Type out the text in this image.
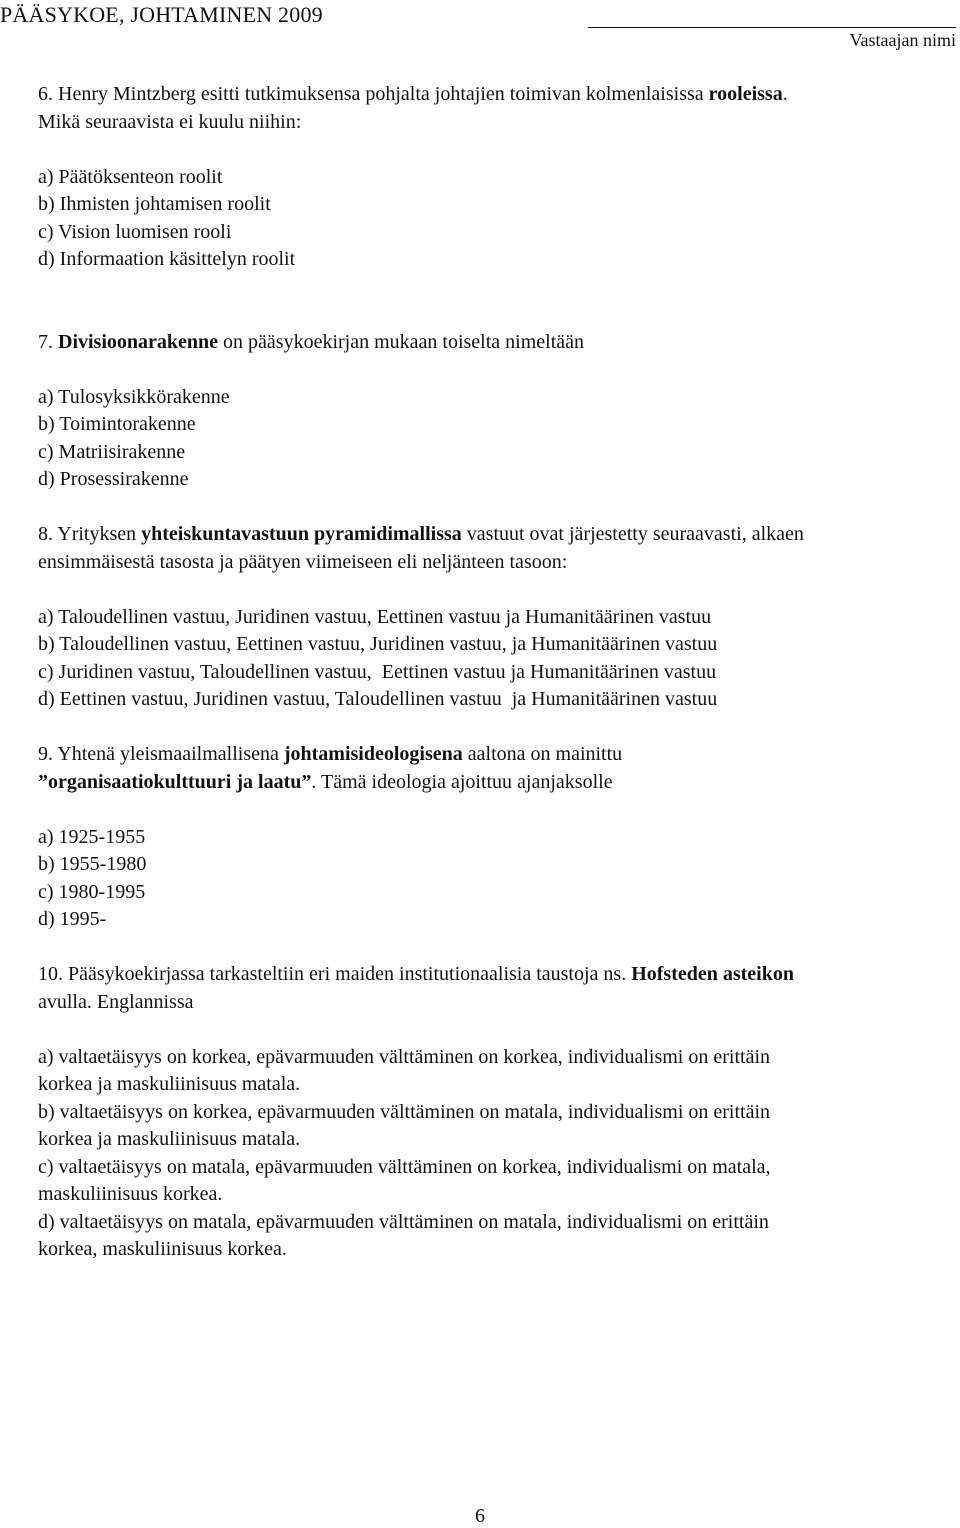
PÄÄSYKOE, JOHTAMINEN 2009
Vastaajan nimi

6. Henry Mintzberg esitti tutkimuksensa pohjalta johtajien toimivan kolmenlaisissa rooleissa.

Mikä seuraavista ei kuulu niihin:

a) Päätöksenteon roolit

b) Ihmisten johtamisen roolit

c) Vision luomisen rooli

d) Informaation käsittelyn roolit

7. Divisioonarakenne on pääsykoekirjan mukaan toiselta nimeltään

a) Tulosyksikkörakenne

b) Toimintorakenne

c) Matriisirakenne

d) Prosessirakenne

8. Yrityksen yhteiskuntavastuun pyramidimallissa vastuut ovat järjestetty seuraavasti, alkaen

ensimmäisestä tasosta ja päätyen viimeiseen eli neljänteen tasoon:

a) Taloudellinen vastuu, Juridinen vastuu, Eettinen vastuu ja Humanitäärinen vastuu

b) Taloudellinen vastuu, Eettinen vastuu, Juridinen vastuu, ja Humanitäärinen vastuu

c) Juridinen vastuu, Taloudellinen vastuu,  Eettinen vastuu ja Humanitäärinen vastuu

d) Eettinen vastuu, Juridinen vastuu, Taloudellinen vastuu  ja Humanitäärinen vastuu

9. Yhtenä yleismaailmallisena johtamisideologisena aaltona on mainittu

”organisaatiokulttuuri ja laatu”. Tämä ideologia ajoittuu ajanjaksolle

a) 1925-1955

b) 1955-1980

c) 1980-1995

d) 1995-

10. Pääsykoekirjassa tarkasteltiin eri maiden institutionaalisia taustoja ns. Hofsteden asteikon

avulla. Englannissa

a) valtaetäisyys on korkea, epävarmuuden välttäminen on korkea, individualismi on erittäin

korkea ja maskuliinisuus matala.

b) valtaetäisyys on korkea, epävarmuuden välttäminen on matala, individualismi on erittäin

korkea ja maskuliinisuus matala.

c) valtaetäisyys on matala, epävarmuuden välttäminen on korkea, individualismi on matala,

maskuliinisuus korkea.

d) valtaetäisyys on matala, epävarmuuden välttäminen on matala, individualismi on erittäin

korkea, maskuliinisuus korkea.

6
